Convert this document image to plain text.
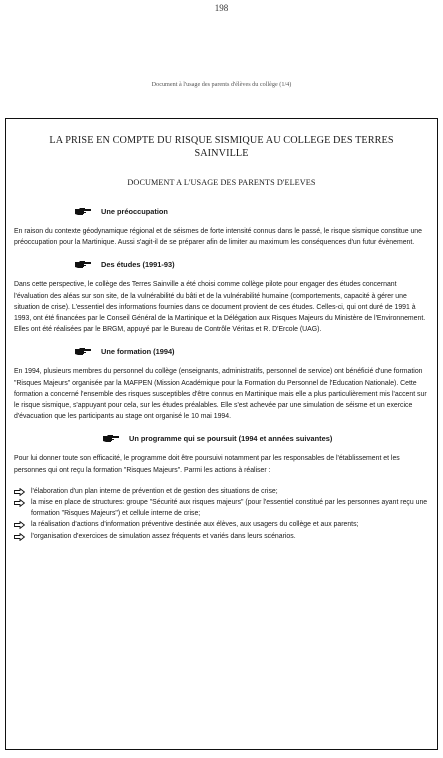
198
Document à l'usage des parents d'élèves du collège (1/4)
LA PRISE EN COMPTE DU RISQUE SISMIQUE AU COLLEGE DES TERRES SAINVILLE
DOCUMENT A L'USAGE DES PARENTS D'ELEVES
Une préoccupation

En raison du contexte géodynamique régional et de séismes de forte intensité connus dans le passé, le risque sismique constitue une préoccupation pour la Martinique. Aussi s'agit-il de se préparer afin de limiter au maximum les conséquences d'un futur évènement.

Des études (1991-93)

Dans cette perspective, le collège des Terres Sainville a été choisi comme collège pilote pour engager des études concernant l'évaluation des aléas sur son site, de la vulnérabilité du bâti et de la vulnérabilité humaine (comportements, capacité à gérer une situation de crise). L'essentiel des informations fournies dans ce document provient de ces études. Celles-ci, qui ont duré de 1991 à 1993, ont été financées par le Conseil Général de la Martinique et la Délégation aux Risques Majeurs du Ministère de l'Environnement. Elles ont été réalisées par le BRGM, appuyé par le Bureau de Contrôle Véritas et R. D'Ercole (UAG).

Une formation (1994)

En 1994, plusieurs membres du personnel du collège (enseignants, administratifs, personnel de service) ont bénéficié d'une formation "Risques Majeurs" organisée par la MAFPEN (Mission Académique pour la Formation du Personnel de l'Education Nationale). Cette formation a concerné l'ensemble des risques susceptibles d'être connus en Martinique mais elle a plus particulièrement mis l'accent sur le risque sismique, s'appuyant pour cela, sur les études préalables. Elle s'est achevée par une simulation de séisme et un exercice d'évacuation que les participants au stage ont organisé le 10 mai 1994.

Un programme qui se poursuit (1994 et années suivantes)

Pour lui donner toute son efficacité, le programme doit être poursuivi notamment par les responsables de l'établissement et les personnes qui ont reçu la formation "Risques Majeurs". Parmi les actions à réaliser :

l'élaboration d'un plan interne de prévention et de gestion des situations de crise;
la mise en place de structures: groupe "Sécurité aux risques majeurs" (pour l'essentiel constitué par les personnes ayant reçu une formation "Risques Majeurs") et cellule interne de crise;
la réalisation d'actions d'information préventive destinée aux élèves, aux usagers du collège et aux parents;
l'organisation d'exercices de simulation assez fréquents et variés dans leurs scénarios.
